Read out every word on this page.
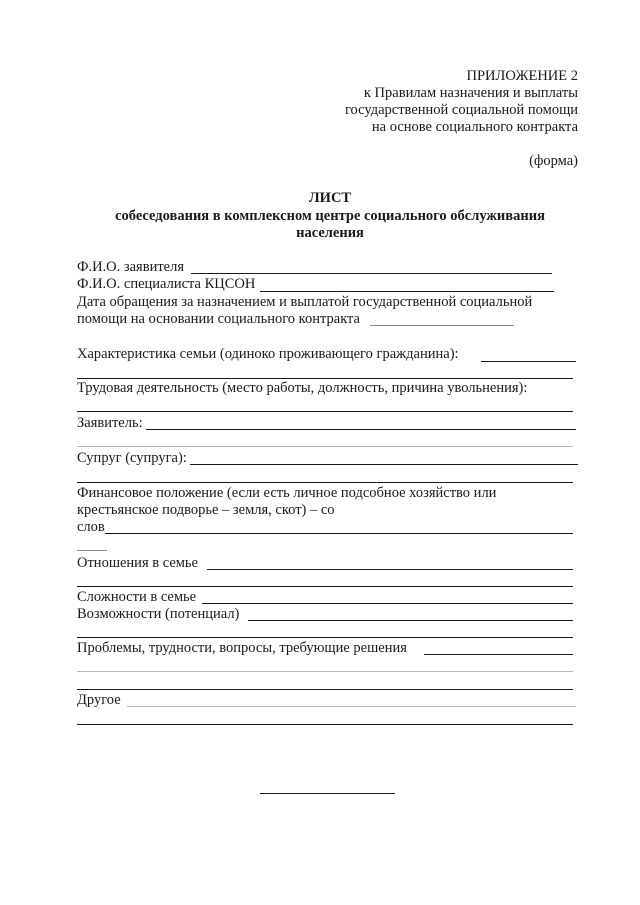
ПРИЛОЖЕНИЕ 2
к Правилам назначения и выплаты
государственной социальной помощи
на основе социального контракта
(форма)
ЛИСТ
собеседования в комплексном центре социального обслуживания
населения
Ф.И.О. заявителя
Ф.И.О. специалиста КЦСОН
Дата обращения за назначением и выплатой государственной социальной
помощи на основании социального контракта
Характеристика семьи (одиноко проживающего гражданина):
Трудовая деятельность (место работы, должность, причина увольнения):
Заявитель:
Супруг (супруга):
Финансовое положение (если есть личное подсобное хозяйство или
крестьянское подворье – земля, скот) – со
слов
Отношения в семье
Сложности в семье
Возможности (потенциал)
Проблемы, трудности, вопросы, требующие решения
Другое
